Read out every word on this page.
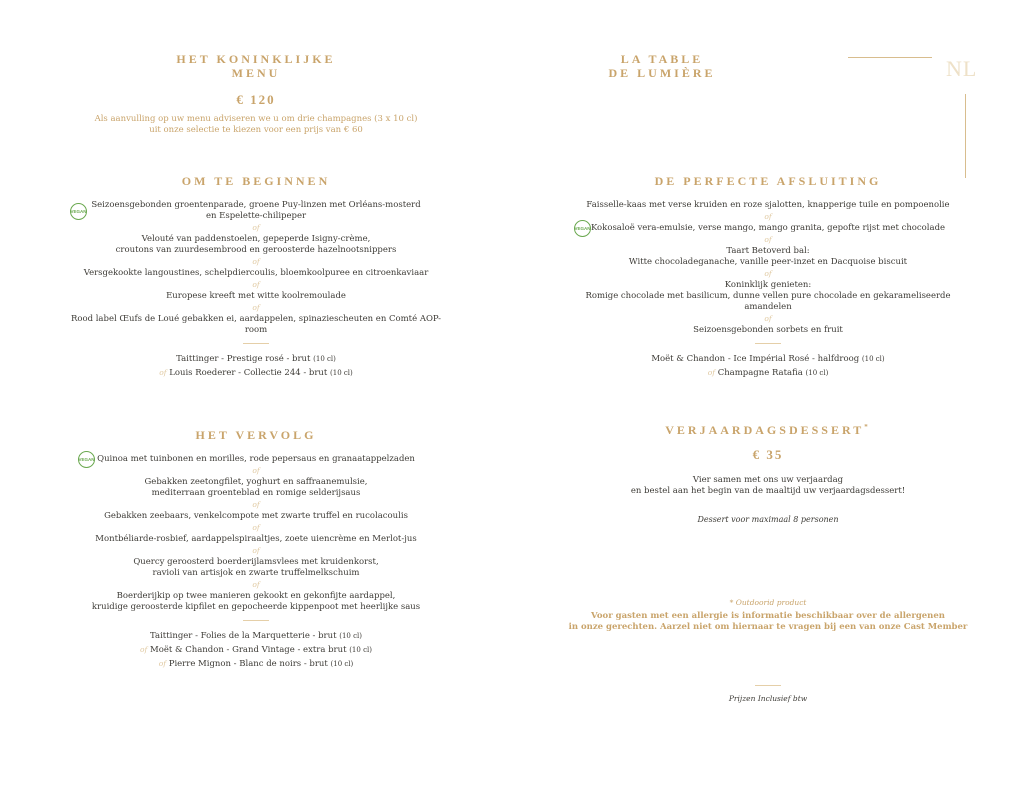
NL
HET KONINKLIJKE
MENU
€ 120
Als aanvulling op uw menu adviseren we u om drie champagnes (3 x 10 cl)
uit onze selectie te kiezen voor een prijs van € 60
OM TE BEGINNEN
VEGAN
Seizoensgebonden groentenparade, groene Puy-linzen met Orléans-mosterd
en Espelette-chilipeper
of
Velouté van paddenstoelen, gepeperde Isigny-crème,
croutons van zuurdesembrood en geroosterde hazelnootsnippers
of
Versgekookte langoustines, schelpdiercoulis, bloemkoolpuree en citroenkaviaar
of
Europese kreeft met witte koolremoulade
of
Rood label Œufs de Loué gebakken ei, aardappelen, spinaziescheuten en Comté AOP-room
Taittinger - Prestige rosé - brut (10 cl)
of Louis Roederer - Collectie 244 - brut (10 cl)
HET VERVOLG
VEGAN Quinoa met tuinbonen en morilles, rode pepersaus en granaatappelzaden
of
Gebakken zeetongfilet, yoghurt en saffraanemulsie,
mediterraan groenteblad en romige selderijsaus
of
Gebakken zeebaars, venkelcompote met zwarte truffel en rucolacoulis
of
Montbéliarde-rosbief, aardappelspiraaltjes, zoete uiencrème en Merlot-jus
of
Quercy geroosterd boerderijlamsvlees met kruidenkorst,
ravioli van artisjok en zwarte truffelmelkschuim
of
Boerderijkip op twee manieren gekookt en gekonfijte aardappel,
kruidige geroosterde kipfilet en gepocheerde kippenpoot met heerlijke saus
Taittinger - Folies de la Marquetterie - brut (10 cl)
of Moët & Chandon - Grand Vintage - extra brut (10 cl)
of Pierre Mignon - Blanc de noirs - brut (10 cl)
LA TABLE
DE LUMIÈRE
DE PERFECTE AFSLUITING
Faisselle-kaas met verse kruiden en roze sjalotten, knapperige tuile en pompoenolie
of
VEGAN Kokosaloë vera-emulsie, verse mango, mango granita, gepofte rijst met chocolade
of
Taart Betoverd bal:
Witte chocoladeganache, vanille peer-inzet en Dacquoise biscuit
of
Koninklijk genieten:
Romige chocolade met basilicum, dunne vellen pure chocolade en gekarameliseerde amandelen
of
Seizoensgebonden sorbets en fruit
Moët & Chandon - Ice Impérial Rosé - halfdroog (10 cl)
of Champagne Ratafia (10 cl)
VERJAARDAGSDESSERT*
€ 35
Vier samen met ons uw verjaardag
en bestel aan het begin van de maaltijd uw verjaardagsdessert!
Dessert voor maximaal 8 personen
* Outdoorid product
Voor gasten met een allergie is informatie beschikbaar over de allergenen
in onze gerechten. Aarzel niet om hiernaar te vragen bij een van onze Cast Member
Prijzen Inclusief btw
